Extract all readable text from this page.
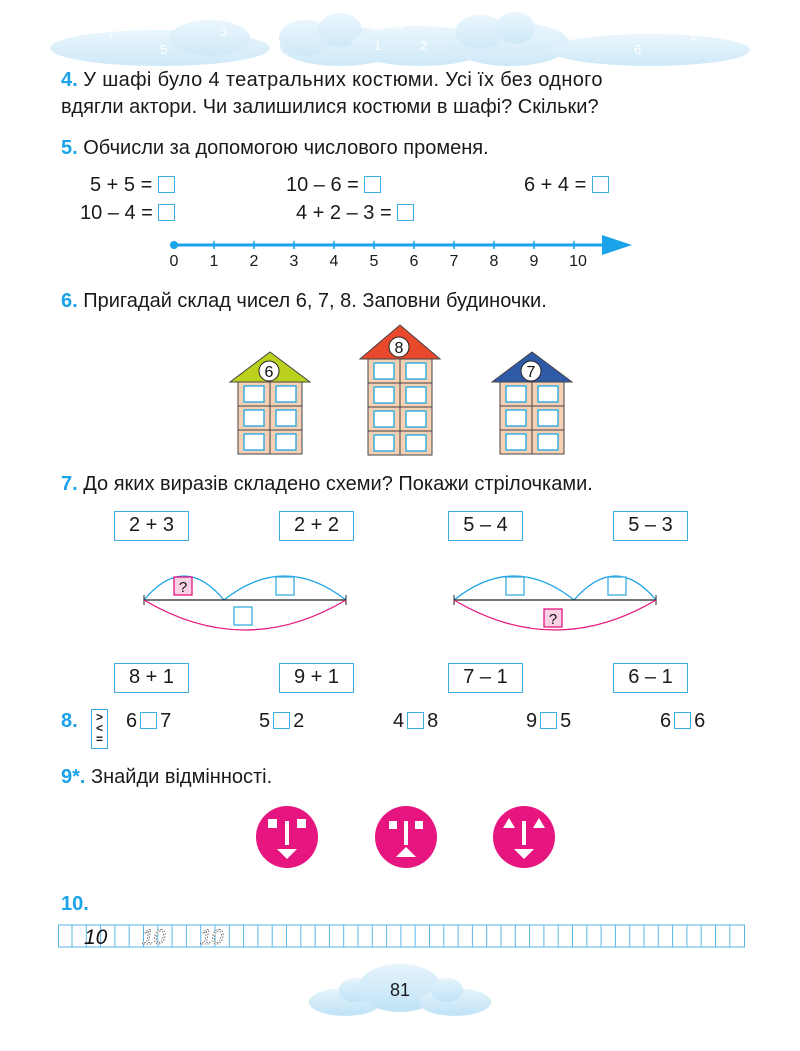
7
5
3
1
0
2
4
6
8
4. У шафі було 4 театральних костюми. Усі їх без одного
вдягли актори. Чи залишилися костюми в шафі? Скільки?
5. Обчисли за допомогою числового променя.
5 + 5 =	10 – 6 =	6 + 4 =
10 – 4 =	4 + 2 – 3 =
0	1	2	3	4	5	6	7	8	9	10
6. Пригадай склад чисел 6, 7, 8. Заповни будиночки.
6
8
7
7. До яких виразів складено схеми? Покажи стрілочками.
2 + 3	2 + 2	5 – 4	5 – 3
?
?
8 + 1	9 + 1	7 – 1	6 – 1
8.	>
<
=
6 7	5 2	4 8	9 5	6 6
9*. Знайди відмінності.
10.
10 10 10
81
